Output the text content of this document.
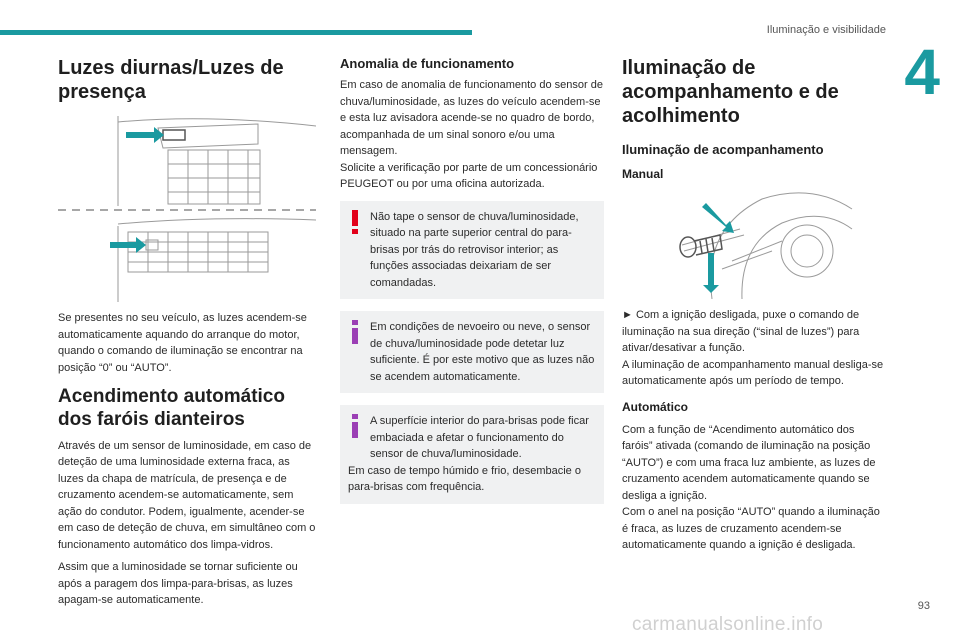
Iluminação e visibilidade
4
Luzes diurnas/Luzes de presença

Se presentes no seu veículo, as luzes acendem-se automaticamente aquando do arranque do motor, quando o comando de iluminação se encontrar na posição “0” ou “AUTO”.

Acendimento automático dos faróis dianteiros

Através de um sensor de luminosidade, em caso de deteção de uma luminosidade externa fraca, as luzes da chapa de matrícula, de presença e de cruzamento acendem-se automaticamente, sem ação do condutor. Podem, igualmente, acender-se em caso de deteção de chuva, em simultâneo com o funcionamento automático dos limpa-vidros.

Assim que a luminosidade se tornar suficiente ou após a paragem dos limpa-para-brisas, as luzes apagam-se automaticamente.

Anomalia de funcionamento

Em caso de anomalia de funcionamento do sensor de chuva/luminosidade, as luzes do veículo acendem-se e esta luz avisadora acende-se no quadro de bordo, acompanhada de um sinal sonoro e/ou uma mensagem.

Solicite a verificação por parte de um concessionário PEUGEOT ou por uma oficina autorizada.

Não tape o sensor de chuva/luminosidade, situado na parte superior central do para-brisas por trás do retrovisor interior; as funções associadas deixariam de ser comandadas.

Em condições de nevoeiro ou neve, o sensor de chuva/luminosidade pode detetar luz suficiente. É por este motivo que as luzes não se acendem automaticamente.

A superfície interior do para-brisas pode ficar embaciada e afetar o funcionamento do sensor de chuva/luminosidade.

Em caso de tempo húmido e frio, desembacie o para-brisas com frequência.

Iluminação de acompanhamento e de acolhimento
Iluminação de acompanhamento
Manual

► Com a ignição desligada, puxe o comando de iluminação na sua direção (“sinal de luzes”) para ativar/desativar a função.

A iluminação de acompanhamento manual desliga-se automaticamente após um período de tempo.

Automático

Com a função de “Acendimento automático dos faróis” ativada (comando de iluminação na posição “AUTO”) e com uma fraca luz ambiente, as luzes de cruzamento acendem automaticamente quando se desliga a ignição.

Com o anel na posição “AUTO” quando a iluminação é fraca, as luzes de cruzamento acendem-se automaticamente quando a ignição é desligada.

93
carmanualsonline.info
